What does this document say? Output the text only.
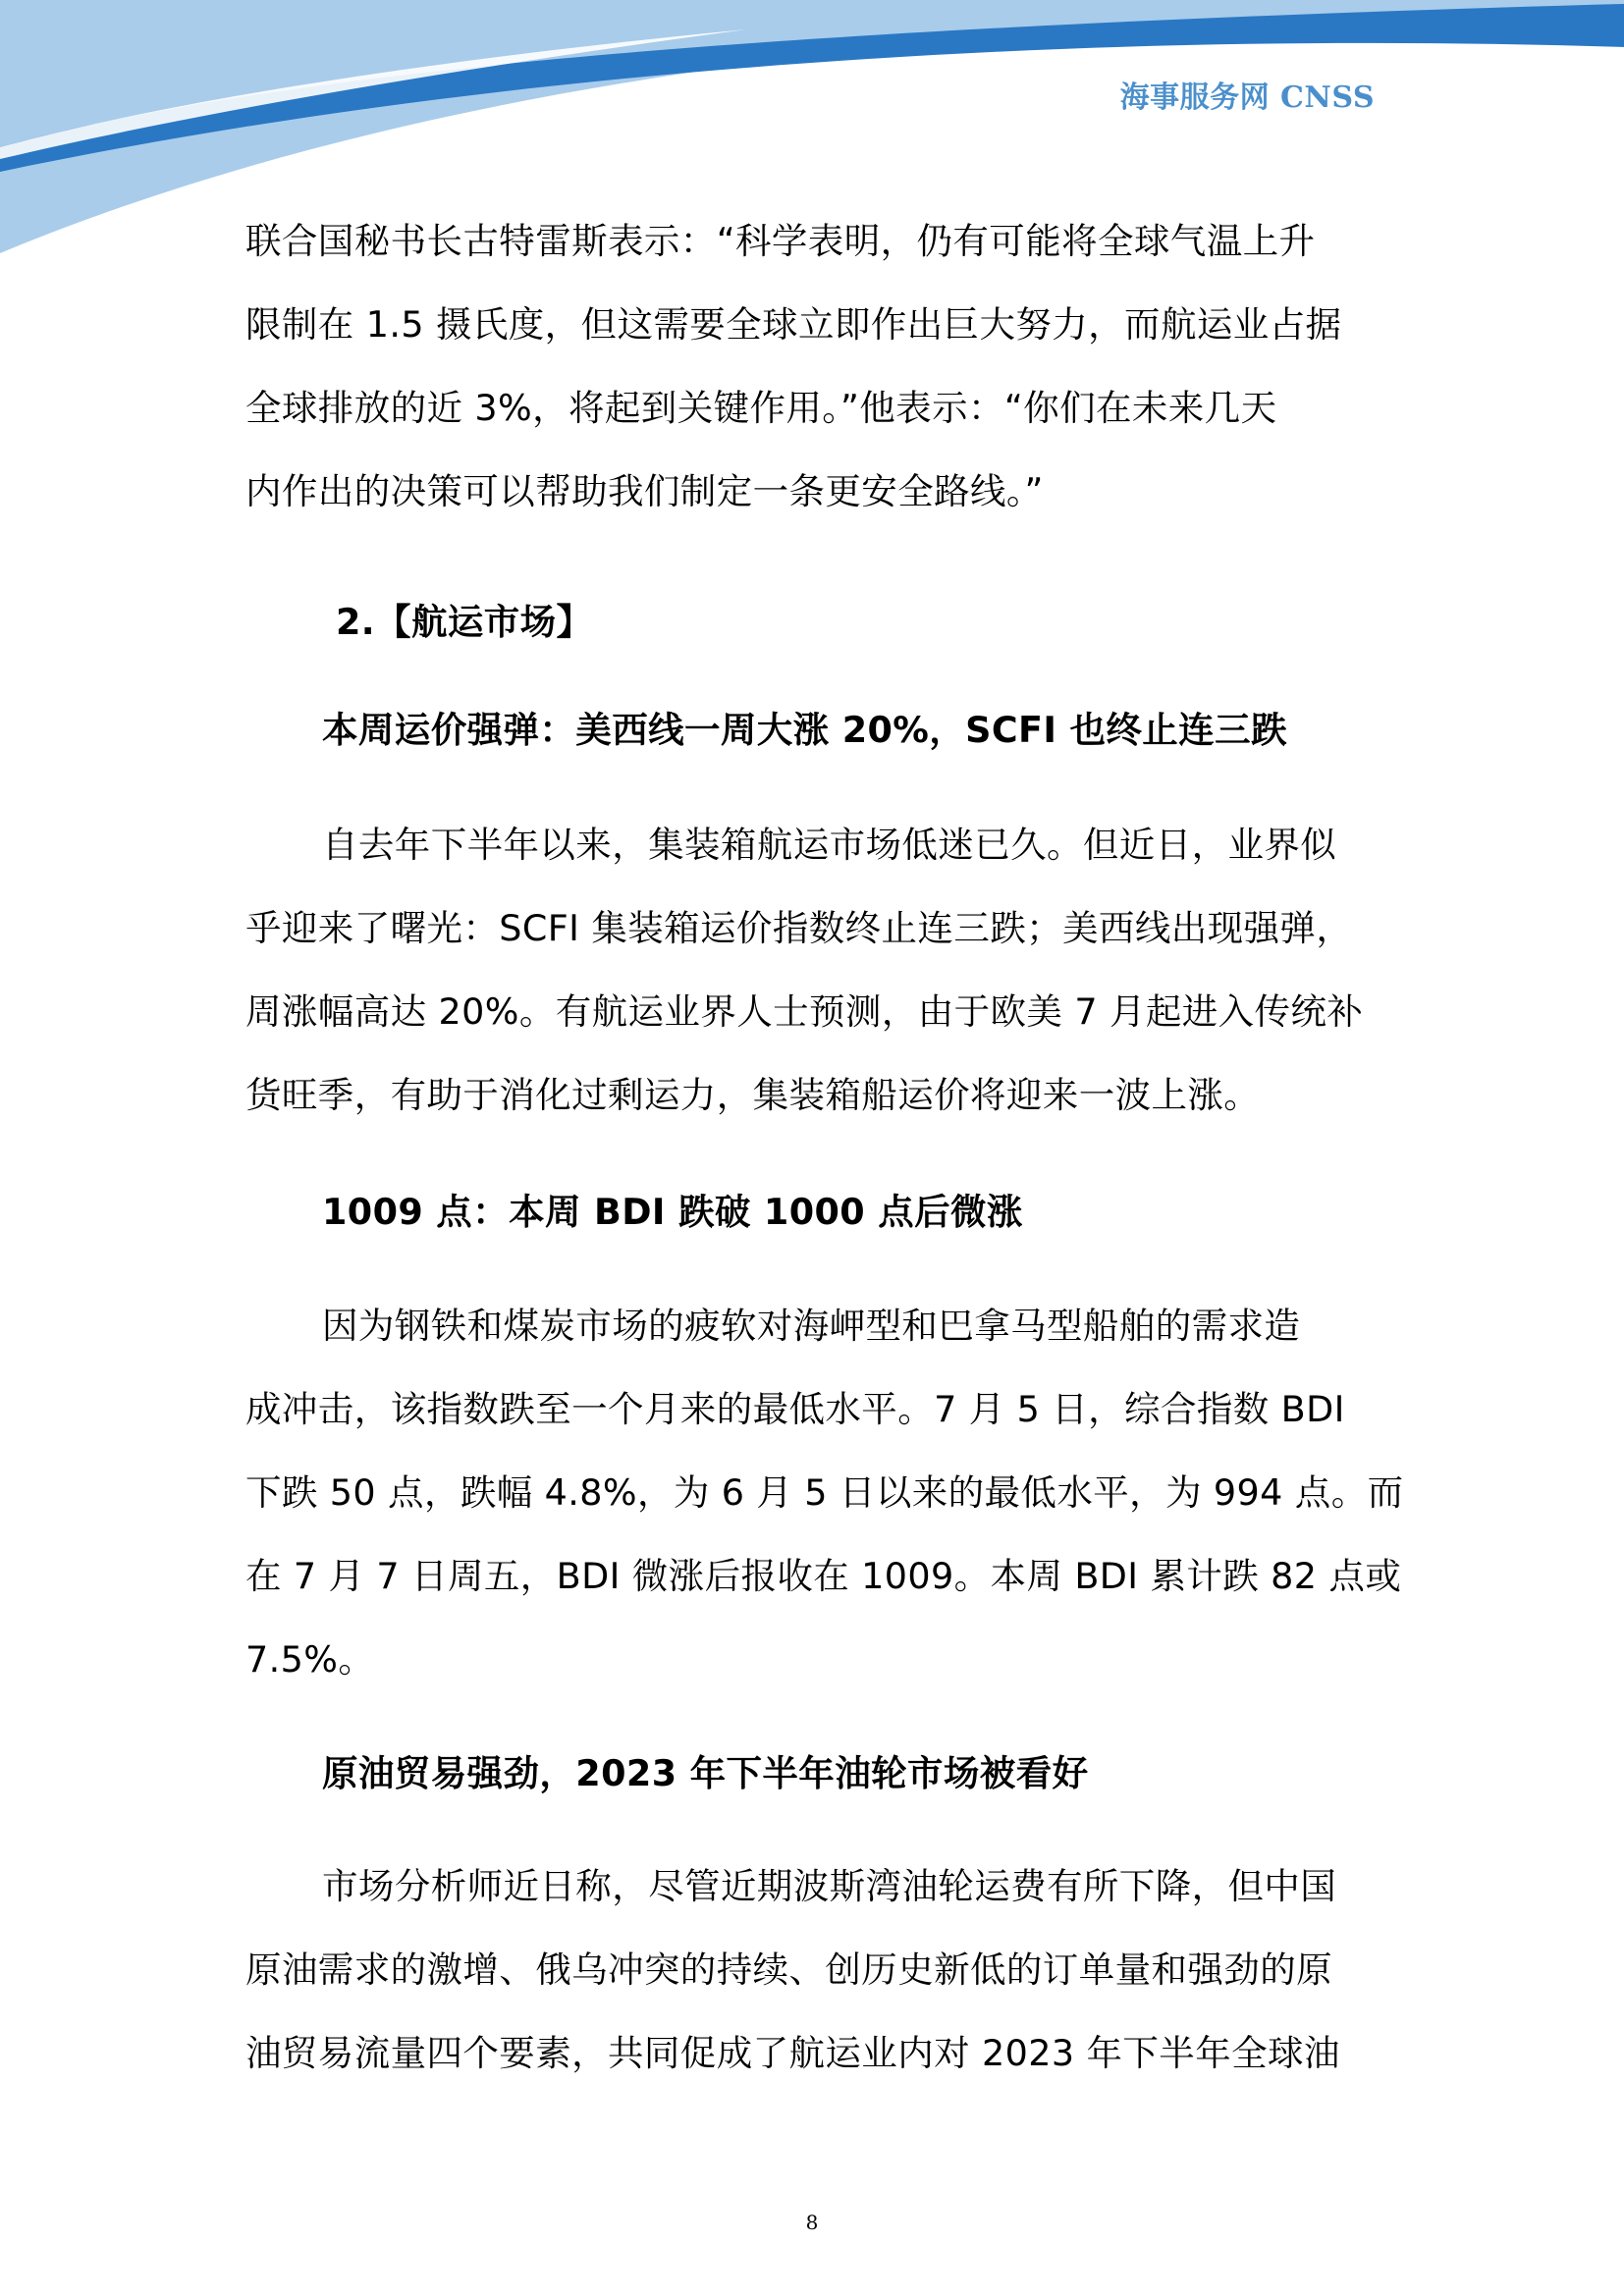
海事服务网 CNSS
联合国秘书长古特雷斯表示：“科学表明，仍有可能将全球气温上升
限制在 1.5 摄氏度，但这需要全球立即作出巨大努力，而航运业占据
全球排放的近 3%，将起到关键作用。”他表示：“你们在未来几天
内作出的决策可以帮助我们制定一条更安全路线。”
2.【航运市场】
本周运价强弹：美西线一周大涨 20%，SCFI 也终止连三跌
自去年下半年以来，集装箱航运市场低迷已久。但近日，业界似
乎迎来了曙光：SCFI 集装箱运价指数终止连三跌；美西线出现强弹，
周涨幅高达 20%。有航运业界人士预测，由于欧美 7 月起进入传统补
货旺季，有助于消化过剩运力，集装箱船运价将迎来一波上涨。
1009 点：本周 BDI 跌破 1000 点后微涨
因为钢铁和煤炭市场的疲软对海岬型和巴拿马型船舶的需求造
成冲击，该指数跌至一个月来的最低水平。7 月 5 日，综合指数 BDI
下跌 50 点，跌幅 4.8%，为 6 月 5 日以来的最低水平，为 994 点。而
在 7 月 7 日周五，BDI 微涨后报收在 1009。本周 BDI 累计跌 82 点或
7.5%。
原油贸易强劲，2023 年下半年油轮市场被看好
市场分析师近日称，尽管近期波斯湾油轮运费有所下降，但中国
原油需求的激增、俄乌冲突的持续、创历史新低的订单量和强劲的原
油贸易流量四个要素，共同促成了航运业内对 2023 年下半年全球油
8
